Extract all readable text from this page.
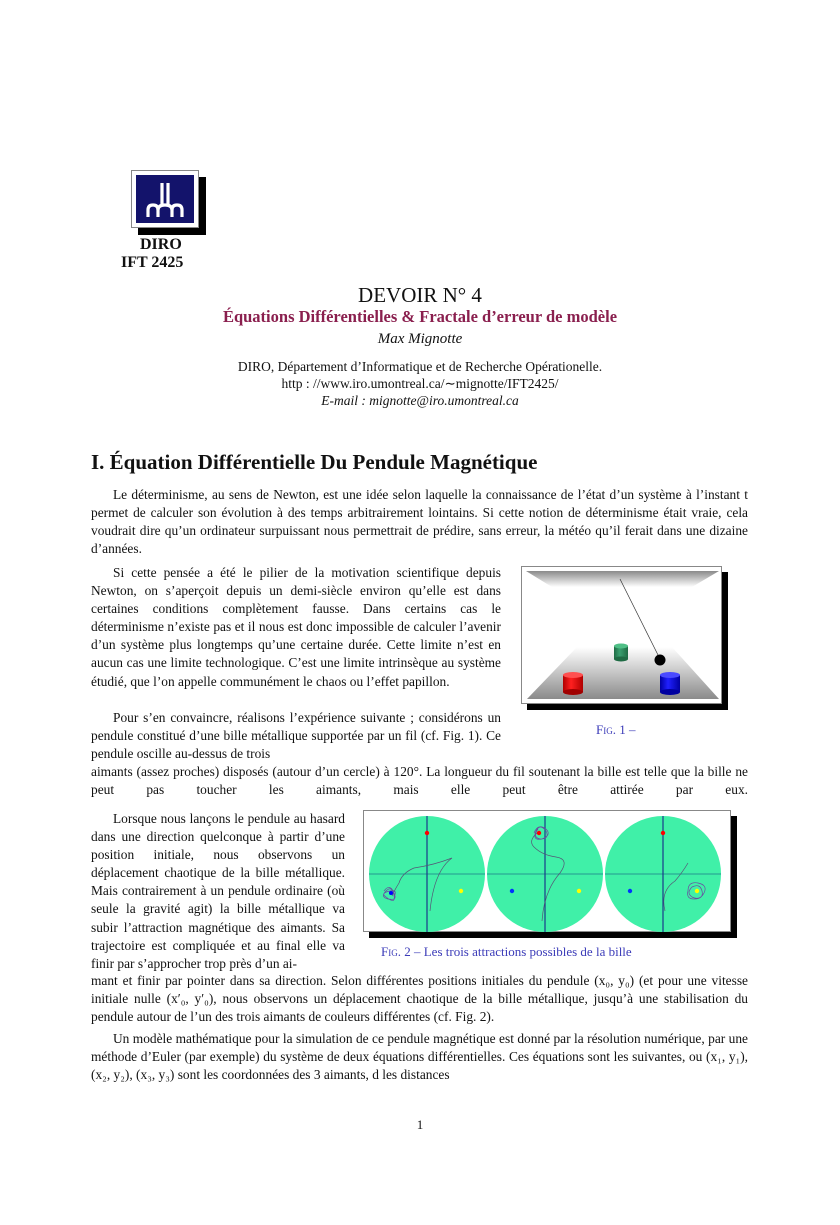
DIRO
IFT 2425
DEVOIR N° 4
Équations Différentielles & Fractale d’erreur de modèle
Max Mignotte
DIRO, Département d’Informatique et de Recherche Opérationelle.
http : //www.iro.umontreal.ca/∼mignotte/IFT2425/
E-mail : mignotte@iro.umontreal.ca
I. Équation Différentielle Du Pendule Magnétique
Le déterminisme, au sens de Newton, est une idée selon laquelle la connaissance de l’état d’un système à l’instant t permet de calculer son évolution à des temps arbitrairement lointains. Si cette notion de déterminisme était vraie, cela voudrait dire qu’un ordinateur surpuissant nous permettrait de prédire, sans erreur, la météo qu’il ferait dans une dizaine d’années.
Si cette pensée a été le pilier de la motivation scientifique depuis Newton, on s’aperçoit depuis un demi-siècle environ qu’elle est dans certaines conditions complètement fausse. Dans certains cas le déterminisme n’existe pas et il nous est donc impossible de calculer l’avenir d’un système plus longtemps qu’une certaine durée. Cette limite n’est en aucun cas une limite technologique. C’est une limite intrinsèque au système étudié, que l’on appelle communément le chaos ou l’effet papillon.
Fig. 1 –
Pour s’en convaincre, réalisons l’expérience suivante ; considérons un pendule constitué d’une bille métallique supportée par un fil (cf. Fig. 1). Ce pendule oscille au-dessus de trois
aimants (assez proches) disposés (autour d’un cercle) à 120°. La longueur du fil soutenant la bille est telle que la bille ne peut pas toucher les aimants, mais elle peut être attirée par eux.
Lorsque nous lançons le pendule au hasard dans une direction quelconque à partir d’une position initiale, nous observons un déplacement chaotique de la bille métallique. Mais contrairement à un pendule ordinaire (où seule la gravité agit) la bille métallique va subir l’attraction magnétique des aimants. Sa trajectoire est compliquée et au final elle va finir par s’approcher trop près d’un ai-
Fig. 2 – Les trois attractions possibles de la bille
mant et finir par pointer dans sa direction. Selon différentes positions initiales du pendule (x₀, y₀) (et pour une vitesse initiale nulle (x′₀, y′₀), nous observons un déplacement chaotique de la bille métallique, jusqu’à une stabilisation du pendule autour de l’un des trois aimants de couleurs différentes (cf. Fig. 2).
Un modèle mathématique pour la simulation de ce pendule magnétique est donné par la résolution numérique, par une méthode d’Euler (par exemple) du système de deux équations différentielles. Ces équations sont les suivantes, ou (x₁, y₁), (x₂, y₂), (x₃, y₃) sont les coordonnées des 3 aimants, d les distances
1
